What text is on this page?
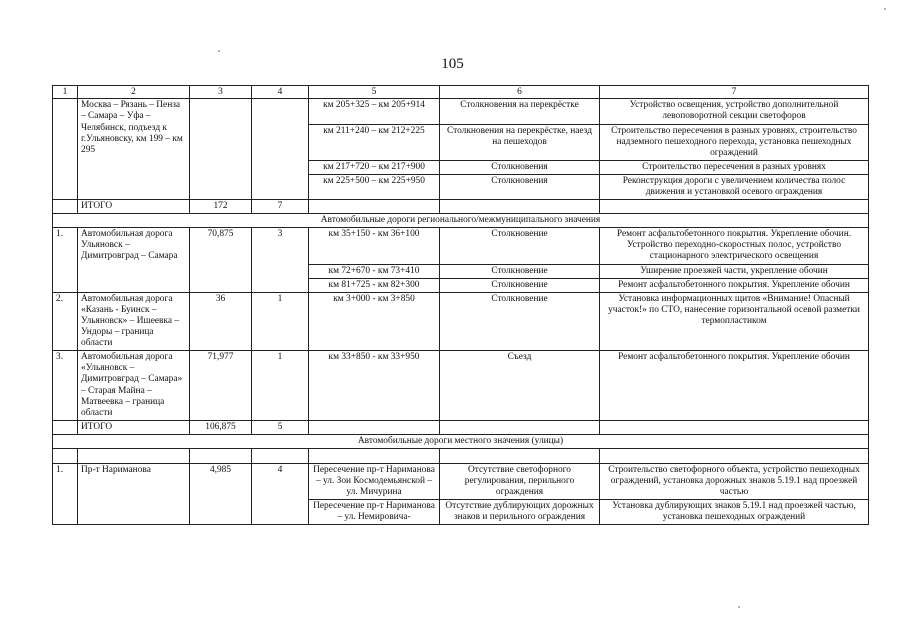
105
1	2	3	4	5	6	7
	Москва – Рязань – Пенза – Самара – Уфа – Челябинск, подъезд к г.Ульяновску, км 199 – км 295			км 205+325 – км 205+914	Столкновения на перекрёстке	Устройство освещения, устройство дополнительной левоповоротной секции светофоров
				км 211+240 – км 212+225	Столкновения на перекрёстке, наезд на пешеходов	Строительство пересечения в разных уровнях, строительство надземного пешеходного перехода, установка пешеходных ограждений
				км 217+720 – км 217+900	Столкновения	Строительство пересечения в разных уровнях
				км 225+500 – км 225+950	Столкновения	Реконструкция дороги с увеличением количества полос движения и установкой осевого ограждения
	ИТОГО	172	7			
Автомобильные дороги регионального/межмуниципального значения						
1.	Автомобильная дорога Ульяновск – Димитровград – Самара	70,875	3	км 35+150 - км 36+100	Столкновение	Ремонт асфальтобетонного покрытия. Укрепление обочин. Устройство переходно-скоростных полос, устройство стационарного электрического освещения
				км 72+670 - км 73+410	Столкновение	Уширение проезжей части, укрепление обочин
				км 81+725 - км 82+300	Столкновение	Ремонт асфальтобетонного покрытия. Укрепление обочин
2.	Автомобильная дорога «Казань - Буинск – Ульяновск» – Ишеевка – Ундоры – граница области	36	1	км 3+000 - км 3+850	Столкновение	Установка информационных щитов «Внимание! Опасный участок!» по СТО, нанесение горизонтальной осевой разметки термопластиком
3.	Автомобильная дорога «Ульяновск – Димитровград – Самара» – Старая Майна – Матвеевка – граница области	71,977	1	км 33+850 - км 33+950	Съезд	Ремонт асфальтобетонного покрытия. Укрепление обочин
	ИТОГО	106,875	5			
Автомобильные дороги местного значения (улицы)						

1.	Пр-т Нариманова	4,985	4	Пересечение пр-т Нариманова – ул. Зои Космодемьянской – ул. Мичурина	Отсутствие светофорного регулирования, перильного ограждения	Строительство светофорного объекта, устройство пешеходных ограждений, установка дорожных знаков 5.19.1 над проезжей частью
				Пересечение пр-т Нариманова – ул. Немировича-	Отсутствие дублирующих дорожных знаков и перильного ограждения	Установка дублирующих знаков 5.19.1 над проезжей частью, установка пешеходных ограждений
